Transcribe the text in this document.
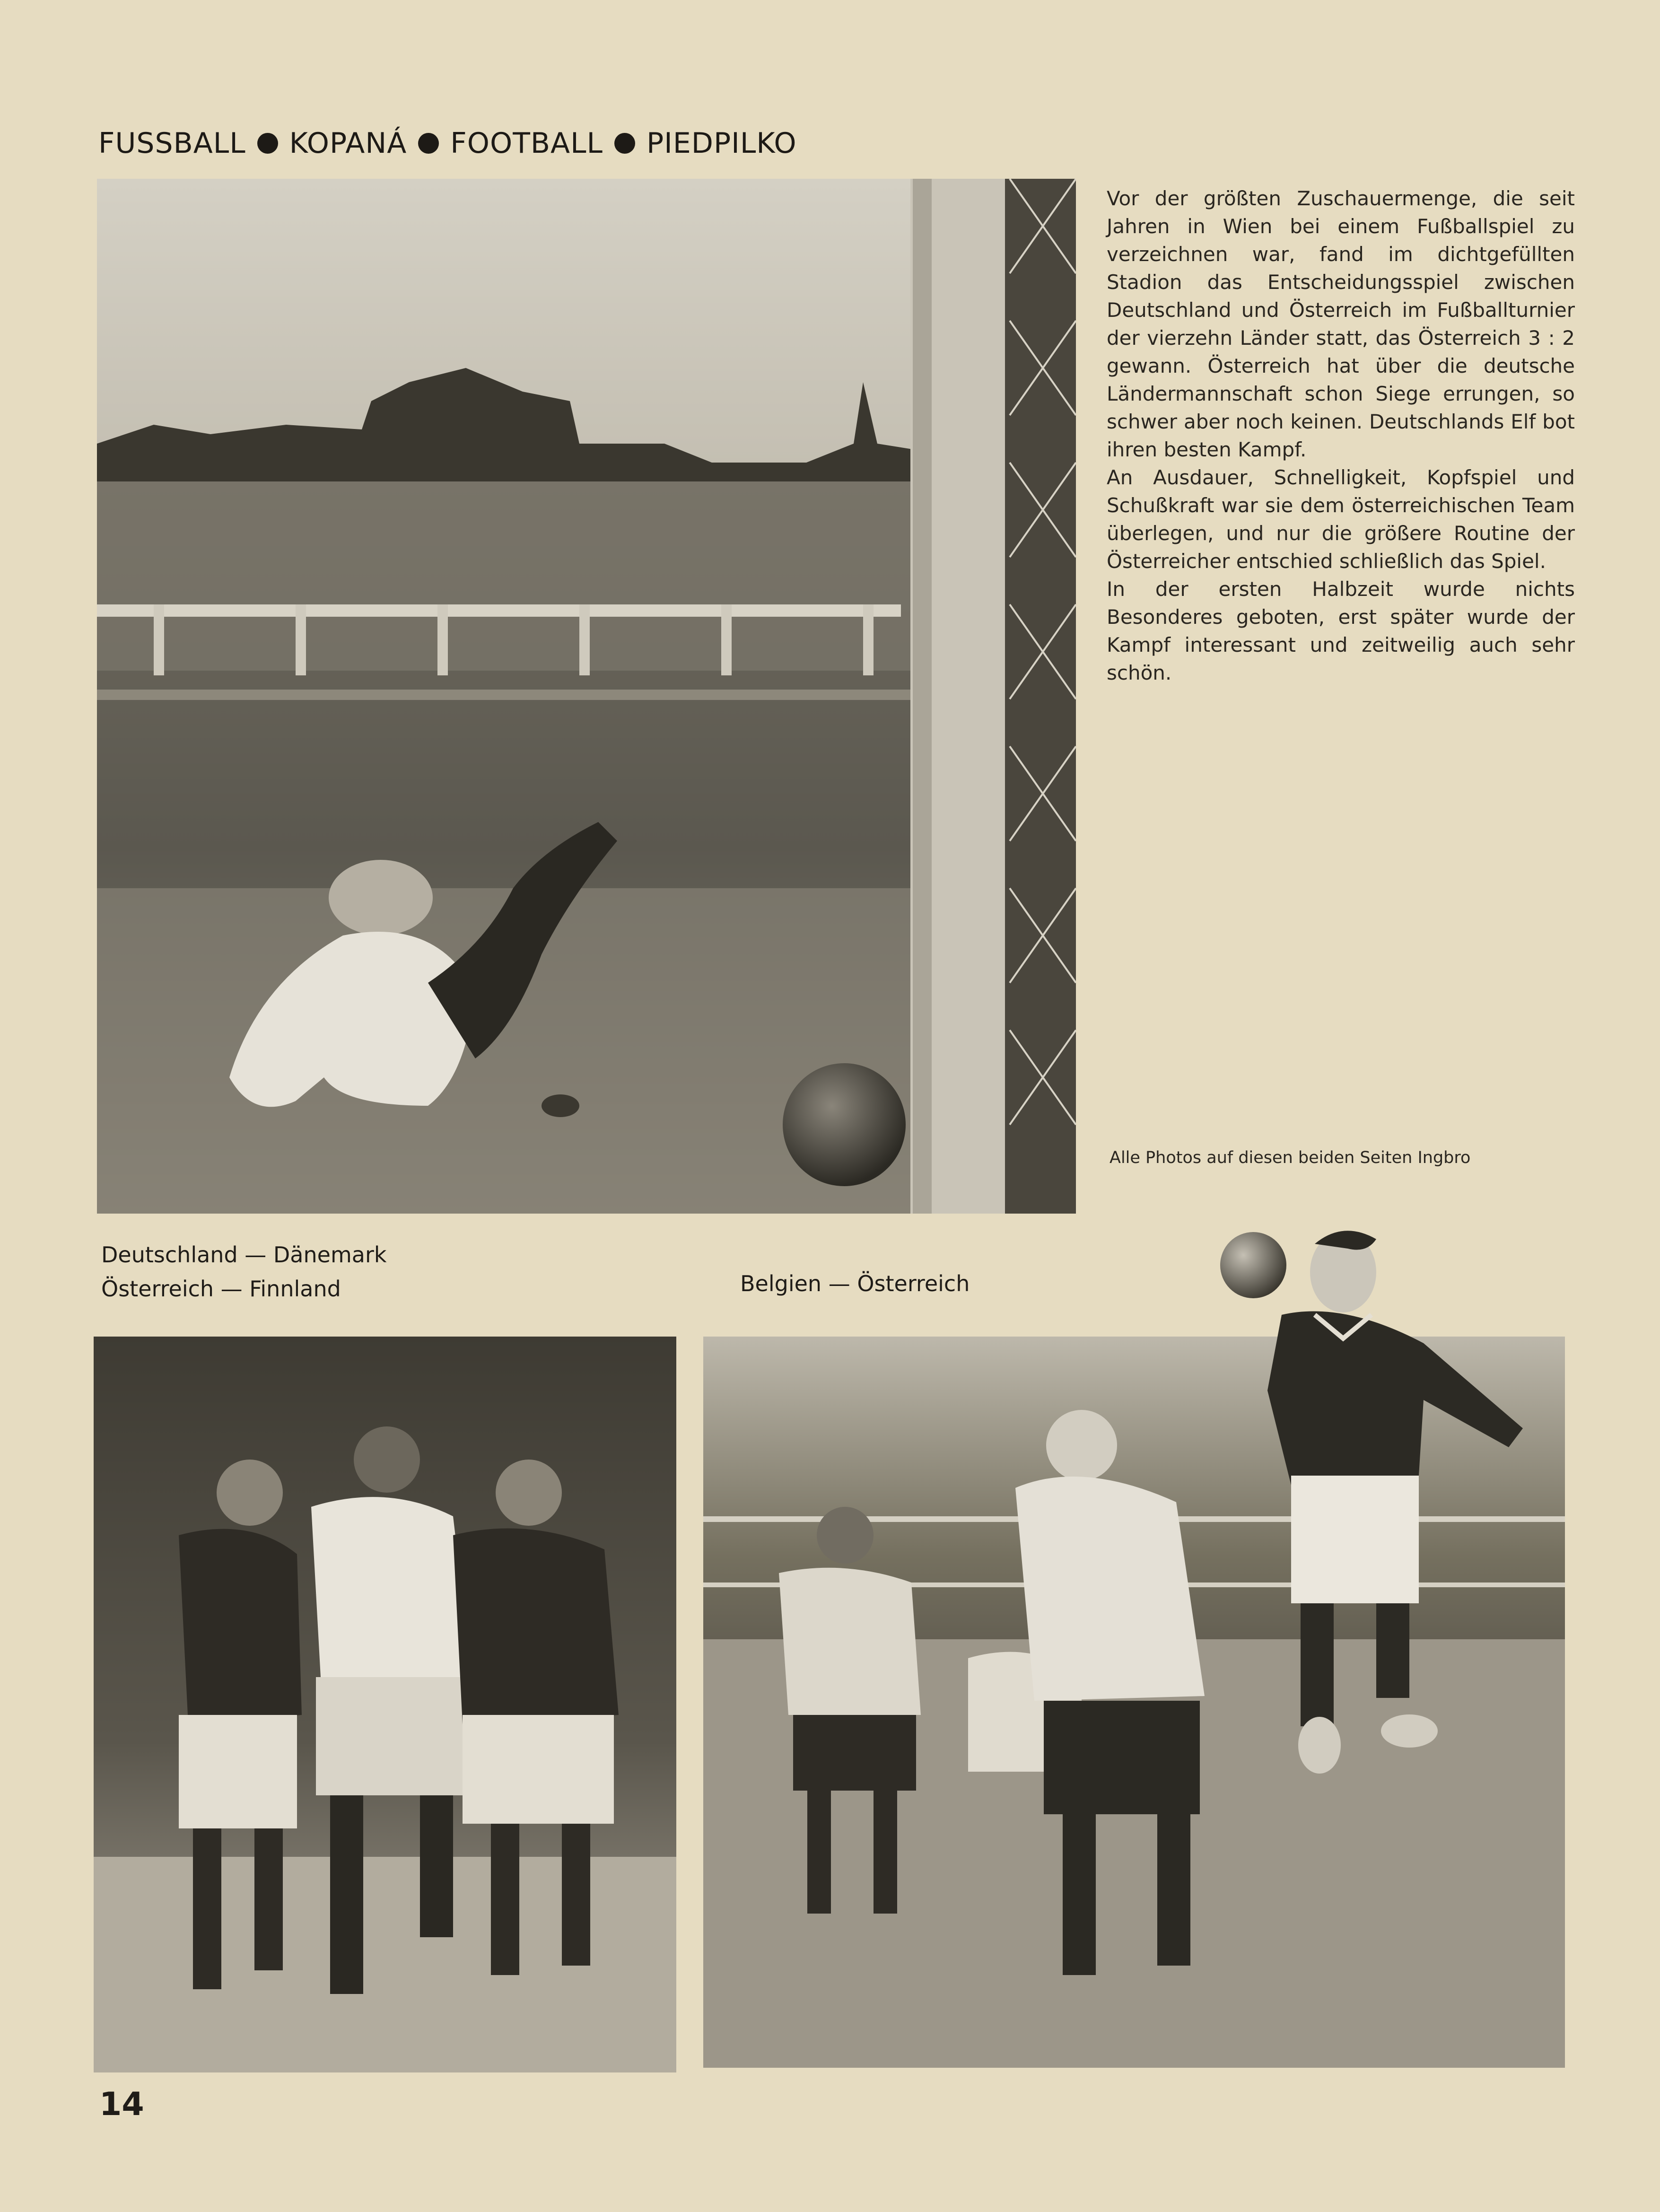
FUSSBALL KOPANÁ FOOTBALL PIEDPILKO

Vor der größten Zuschauermenge, die seit Jahren in Wien bei einem Fußballspiel zu verzeichnen war, fand im dichtgefüllten Stadion das Entscheidungsspiel zwischen Deutschland und Österreich im Fußballturnier der vierzehn Länder statt, das Österreich 3 : 2 gewann. Österreich hat über die deutsche Ländermannschaft schon Siege errungen, so schwer aber noch keinen. Deutschlands Elf bot ihren besten Kampf.

An Ausdauer, Schnelligkeit, Kopfspiel und Schußkraft war sie dem österreichischen Team überlegen, und nur die größere Routine der Österreicher entschied schließlich das Spiel.

In der ersten Halbzeit wurde nichts Besonderes geboten, erst später wurde der Kampf interessant und zeitweilig auch sehr schön.

Alle Photos auf diesen beiden Seiten Ingbro
Deutschland — Dänemark
Österreich — Finnland	Belgien — Österreich
14
